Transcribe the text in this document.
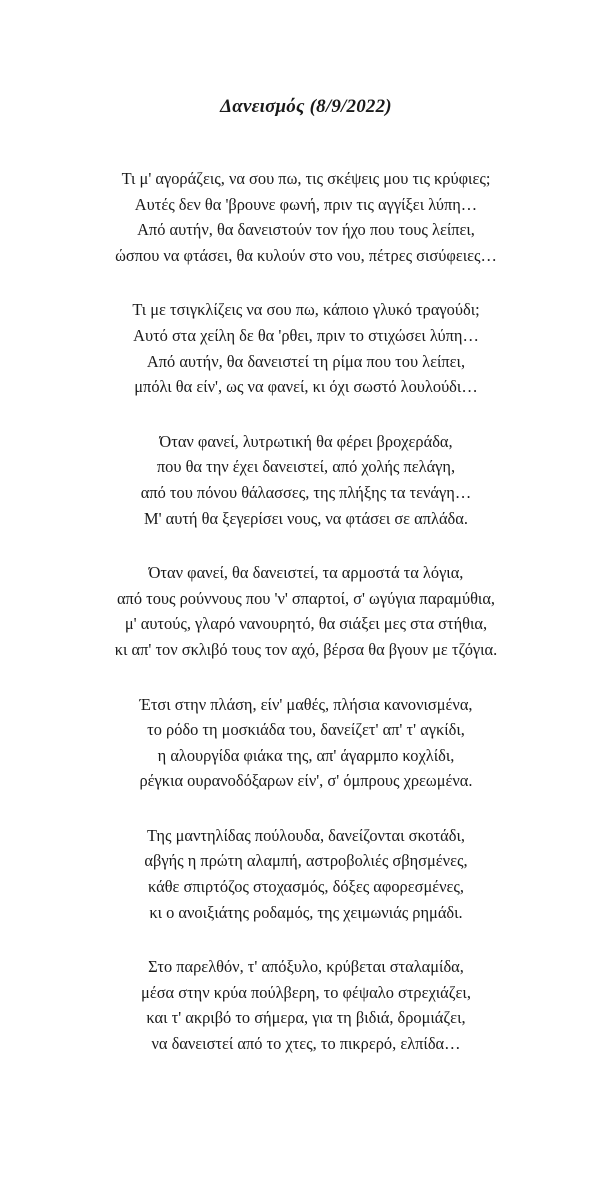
Δανεισμός (8/9/2022)
Τι μ' αγοράζεις, να σου πω, τις σκέψεις μου τις κρύφιες;
Αυτές δεν θα 'βρουνε φωνή, πριν τις αγγίξει λύπη…
Από αυτήν, θα δανειστούν τον ήχο που τους λείπει,
ώσπου να φτάσει, θα κυλούν στο νου, πέτρες σισύφειες…
Τι με τσιγκλίζεις να σου πω, κάποιο γλυκό τραγούδι;
Αυτό στα χείλη δε θα 'ρθει, πριν το στιχώσει λύπη…
Από αυτήν, θα δανειστεί τη ρίμα που του λείπει,
μπόλι θα είν', ως να φανεί, κι όχι σωστό λουλούδι…
Όταν φανεί, λυτρωτική θα φέρει βροχεράδα,
που θα την έχει δανειστεί, από χολής πελάγη,
από του πόνου θάλασσες, της πλήξης τα τενάγη…
Μ' αυτή θα ξεγερίσει νους, να φτάσει σε απλάδα.
Όταν φανεί, θα δανειστεί, τα αρμοστά τα λόγια,
από τους ρούννους που 'ν' σπαρτοί, σ' ωγύγια παραμύθια,
μ' αυτούς, γλαρό νανουρητό, θα σιάξει μες στα στήθια,
κι απ' τον σκλιβό τους τον αχό, βέρσα θα βγουν με τζόγια.
Έτσι στην πλάση, είν' μαθές, πλήσια κανονισμένα,
το ρόδο τη μοσκιάδα του, δανείζετ' απ' τ' αγκίδι,
η αλουργίδα φιάκα της, απ' άγαρμπο κοχλίδι,
ρέγκια ουρανοδόξαρων είν', σ' όμπρους χρεωμένα.
Της μαντηλίδας πούλουδα, δανείζονται σκοτάδι,
αβγής η πρώτη αλαμπή, αστροβολιές σβησμένες,
κάθε σπιρτόζος στοχασμός, δόξες αφορεσμένες,
κι ο ανοιξιάτης ροδαμός, της χειμωνιάς ρημάδι.
Στο παρελθόν, τ' απόξυλο, κρύβεται σταλαμίδα,
μέσα στην κρύα πούλβερη, το φέψαλο στρεχιάζει,
και τ' ακριβό το σήμερα, για τη βιδιά, δρομιάζει,
να δανειστεί από το χτες, το πικρερό, ελπίδα…
